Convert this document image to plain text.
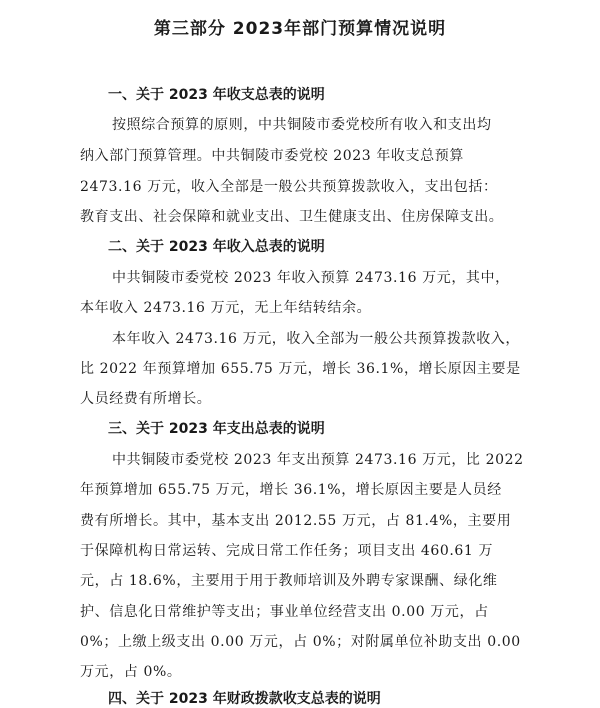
第三部分 2023年部门预算情况说明
一、关于 2023 年收支总表的说明
按照综合预算的原则，中共铜陵市委党校所有收入和支出均
纳入部门预算管理。中共铜陵市委党校 2023 年收支总预算
2473.16 万元，收入全部是一般公共预算拨款收入，支出包括：
教育支出、社会保障和就业支出、卫生健康支出、住房保障支出。
二、关于 2023 年收入总表的说明
中共铜陵市委党校 2023 年收入预算 2473.16 万元，其中，
本年收入 2473.16 万元，无上年结转结余。
本年收入 2473.16 万元，收入全部为一般公共预算拨款收入，
比 2022 年预算增加 655.75 万元，增长 36.1%，增长原因主要是
人员经费有所增长。
三、关于 2023 年支出总表的说明
中共铜陵市委党校 2023 年支出预算 2473.16 万元，比 2022
年预算增加 655.75 万元，增长 36.1%，增长原因主要是人员经
费有所增长。其中，基本支出 2012.55 万元，占 81.4%，主要用
于保障机构日常运转、完成日常工作任务；项目支出 460.61 万
元，占 18.6%，主要用于用于教师培训及外聘专家课酬、绿化维
护、信息化日常维护等支出；事业单位经营支出 0.00 万元，占
0%；上缴上级支出 0.00 万元，占 0%；对附属单位补助支出 0.00
万元，占 0%。
四、关于 2023 年财政拨款收支总表的说明
